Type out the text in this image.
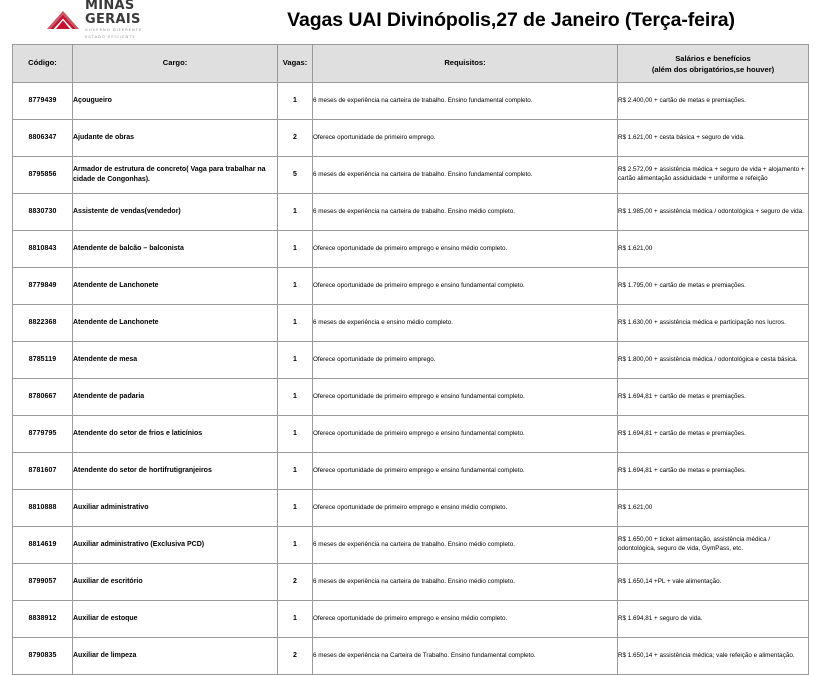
MINAS
GERAIS
GOVERNO DIFERENTE
ESTADO EFICIENTE
Vagas UAI Divinópolis,27 de Janeiro (Terça-feira)
Código:	Cargo:	Vagas:	Requisitos:	Salários e benefícios
(além dos obrigatórios,se houver)
8779439	Açougueiro	1	6 meses de experiência na carteira de trabalho. Ensino fundamental completo.	R$ 2.400,00 + cartão de metas e premiações.
8806347	Ajudante de obras	2	Oferece oportunidade de primeiro emprego.	R$ 1.621,00 + cesta básica + seguro de vida.
8795856	Armador de estrutura de concreto( Vaga para trabalhar na cidade de Congonhas).	5	6 meses de experiência na carteira de trabalho. Ensino fundamental completo.	R$ 2.572,09 + assistência médica + seguro de vida + alojamento + cartão alimentação assiduidade + uniforme e refeição
8830730	Assistente de vendas(vendedor)	1	6 meses de experiência na carteira de trabalho. Ensino médio completo.	R$ 1.985,00 + assistência médica / odontológica + seguro de vida.
8810843	Atendente de balcão – balconista	1	Oferece oportunidade de primeiro emprego e ensino médio completo.	R$ 1.621,00
8779849	Atendente de Lanchonete	1	Oferece oportunidade de primeiro emprego e ensino fundamental completo.	R$ 1.795,00 + cartão de metas e premiações.
8822368	Atendente de Lanchonete	1	6 meses de experiência e ensino médio completo.	R$ 1.630,00 + assistência médica e participação nos lucros.
8785119	Atendente de mesa	1	Oferece oportunidade de primeiro emprego.	R$ 1.800,00 + assistência médica / odontológica e cesta básica.
8780667	Atendente de padaria	1	Oferece oportunidade de primeiro emprego e ensino fundamental completo.	R$ 1.694,81 + cartão de metas e premiações.
8779795	Atendente do setor de frios e laticínios	1	Oferece oportunidade de primeiro emprego e ensino fundamental completo.	R$ 1.694,81 + cartão de metas e premiações.
8781607	Atendente do setor de hortifrutigranjeiros	1	Oferece oportunidade de primeiro emprego e ensino fundamental completo.	R$ 1.694,81 + cartão de metas e premiações.
8810888	Auxiliar administrativo	1	Oferece oportunidade de primeiro emprego e ensino médio completo.	R$ 1.621,00
8814619	Auxiliar administrativo (Exclusiva PCD)	1	6 meses de experiência na carteira de trabalho. Ensino médio completo.	R$ 1.650,00 + ticket alimentação, assistência médica / odontológica, seguro de vida, GymPass, etc.
8799057	Auxiliar de escritório	2	6 meses de experiência na carteira de trabalho. Ensino médio completo.	R$ 1.650,14 +PL + vale alimentação.
8838912	Auxiliar de estoque	1	Oferece oportunidade de primeiro emprego e ensino médio completo.	R$ 1.694,81 + seguro de vida.
8790835	Auxiliar de limpeza	2	6 meses de experiência na Carteira de Trabalho. Ensino fundamental completo.	R$ 1.650,14 + assistência médica; vale refeição e alimentação.
